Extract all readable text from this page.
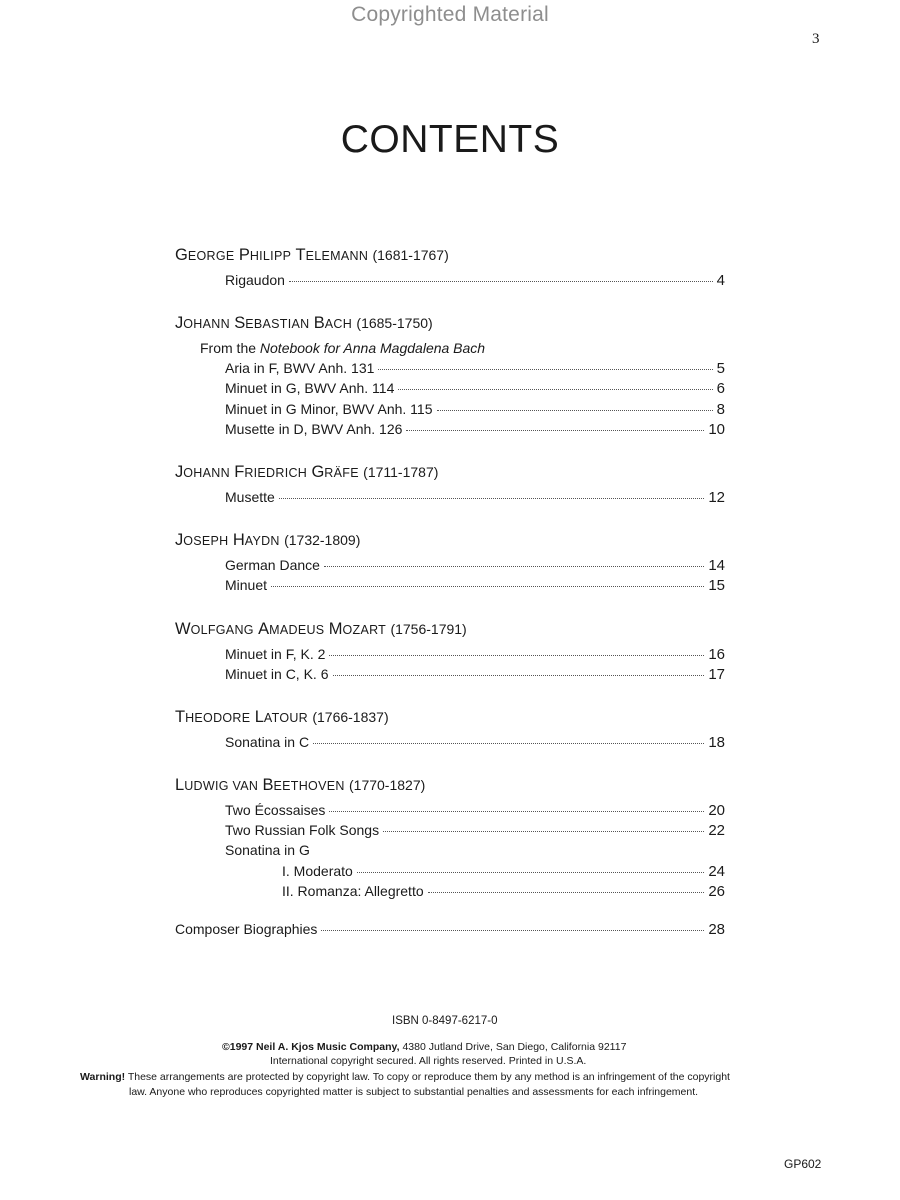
Copyrighted Material
3
CONTENTS
GEORGE PHILIPP TELEMANN (1681-1767)
Rigaudon	4
JOHANN SEBASTIAN BACH (1685-1750)
From the Notebook for Anna Magdalena Bach
Aria in F, BWV Anh. 131	5
Minuet in G, BWV Anh. 114	6
Minuet in G Minor, BWV Anh. 115	8
Musette in D, BWV Anh. 126	10
JOHANN FRIEDRICH GRÄFE (1711-1787)
Musette	12
JOSEPH HAYDN (1732-1809)
German Dance	14
Minuet	15
WOLFGANG AMADEUS MOZART (1756-1791)
Minuet in F, K. 2	16
Minuet in C, K. 6	17
THEODORE LATOUR (1766-1837)
Sonatina in C	18
LUDWIG VAN BEETHOVEN (1770-1827)
Two Écossaises	20
Two Russian Folk Songs	22
Sonatina in G
I. Moderato	24
II. Romanza: Allegretto	26
Composer Biographies	28
ISBN 0-8497-6217-0
©1997 Neil A. Kjos Music Company, 4380 Jutland Drive, San Diego, California 92117
International copyright secured. All rights reserved. Printed in U.S.A.
Warning! These arrangements are protected by copyright law. To copy or reproduce them by any method is an infringement of the copyright
law. Anyone who reproduces copyrighted matter is subject to substantial penalties and assessments for each infringement.
GP602
